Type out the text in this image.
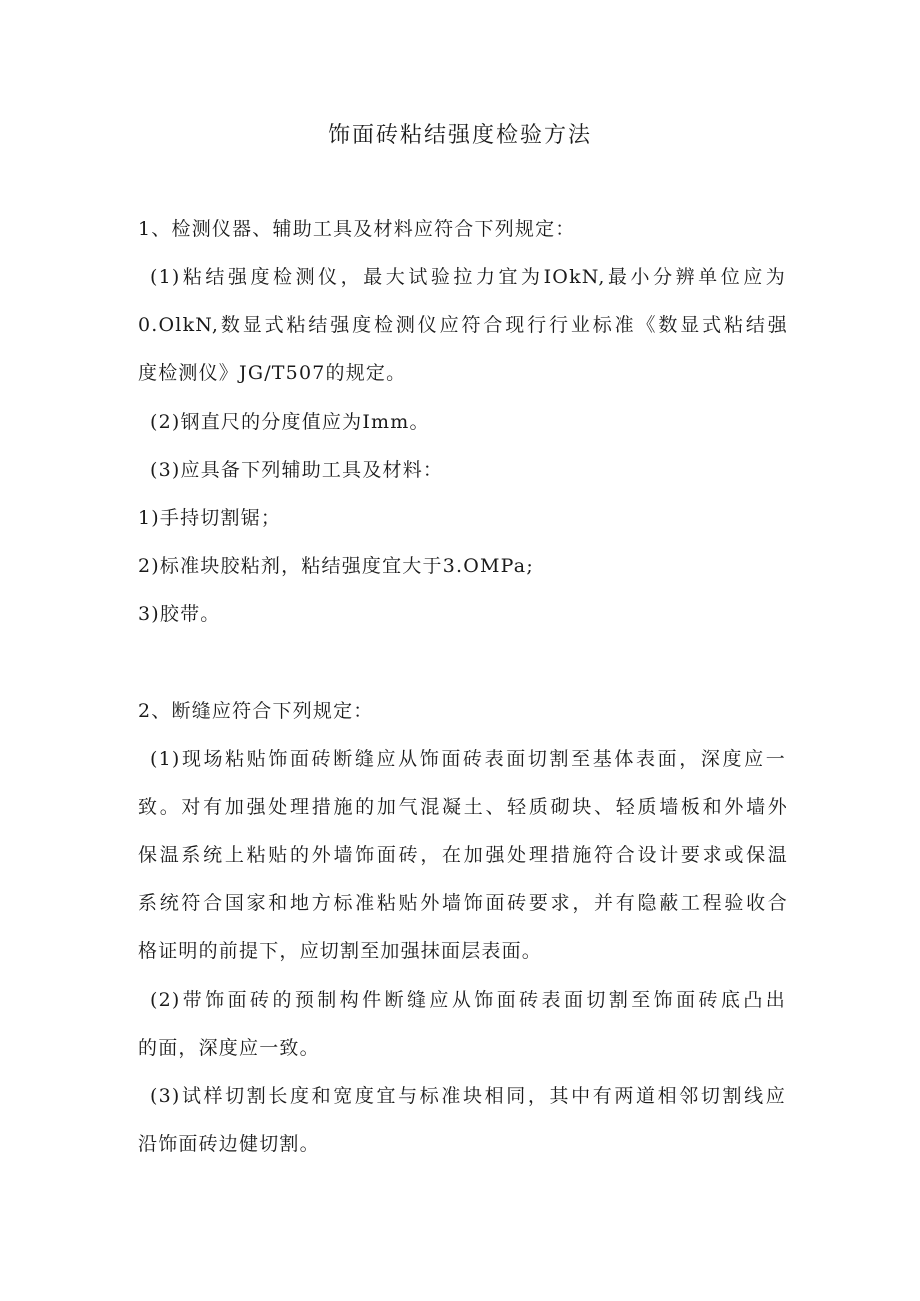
饰面砖粘结强度检验方法

1、检测仪器、辅助工具及材料应符合下列规定：

(1)粘结强度检测仪，最大试验拉力宜为IOkN,最小分辨单位应为

0.OlkN,数显式粘结强度检测仪应符合现行行业标准《数显式粘结强

度检测仪》JG/T507的规定。

(2)钢直尺的分度值应为Imm。

(3)应具备下列辅助工具及材料：

1)手持切割锯；

2)标准块胶粘剂，粘结强度宜大于3.OMPa;

3)胶带。

2、断缝应符合下列规定：

(1)现场粘贴饰面砖断缝应从饰面砖表面切割至基体表面，深度应一

致。对有加强处理措施的加气混凝土、轻质砌块、轻质墙板和外墙外

保温系统上粘贴的外墙饰面砖，在加强处理措施符合设计要求或保温

系统符合国家和地方标准粘贴外墙饰面砖要求，并有隐蔽工程验收合

格证明的前提下，应切割至加强抹面层表面。

(2)带饰面砖的预制构件断缝应从饰面砖表面切割至饰面砖底凸出

的面，深度应一致。

(3)试样切割长度和宽度宜与标准块相同，其中有两道相邻切割线应

沿饰面砖边健切割。
